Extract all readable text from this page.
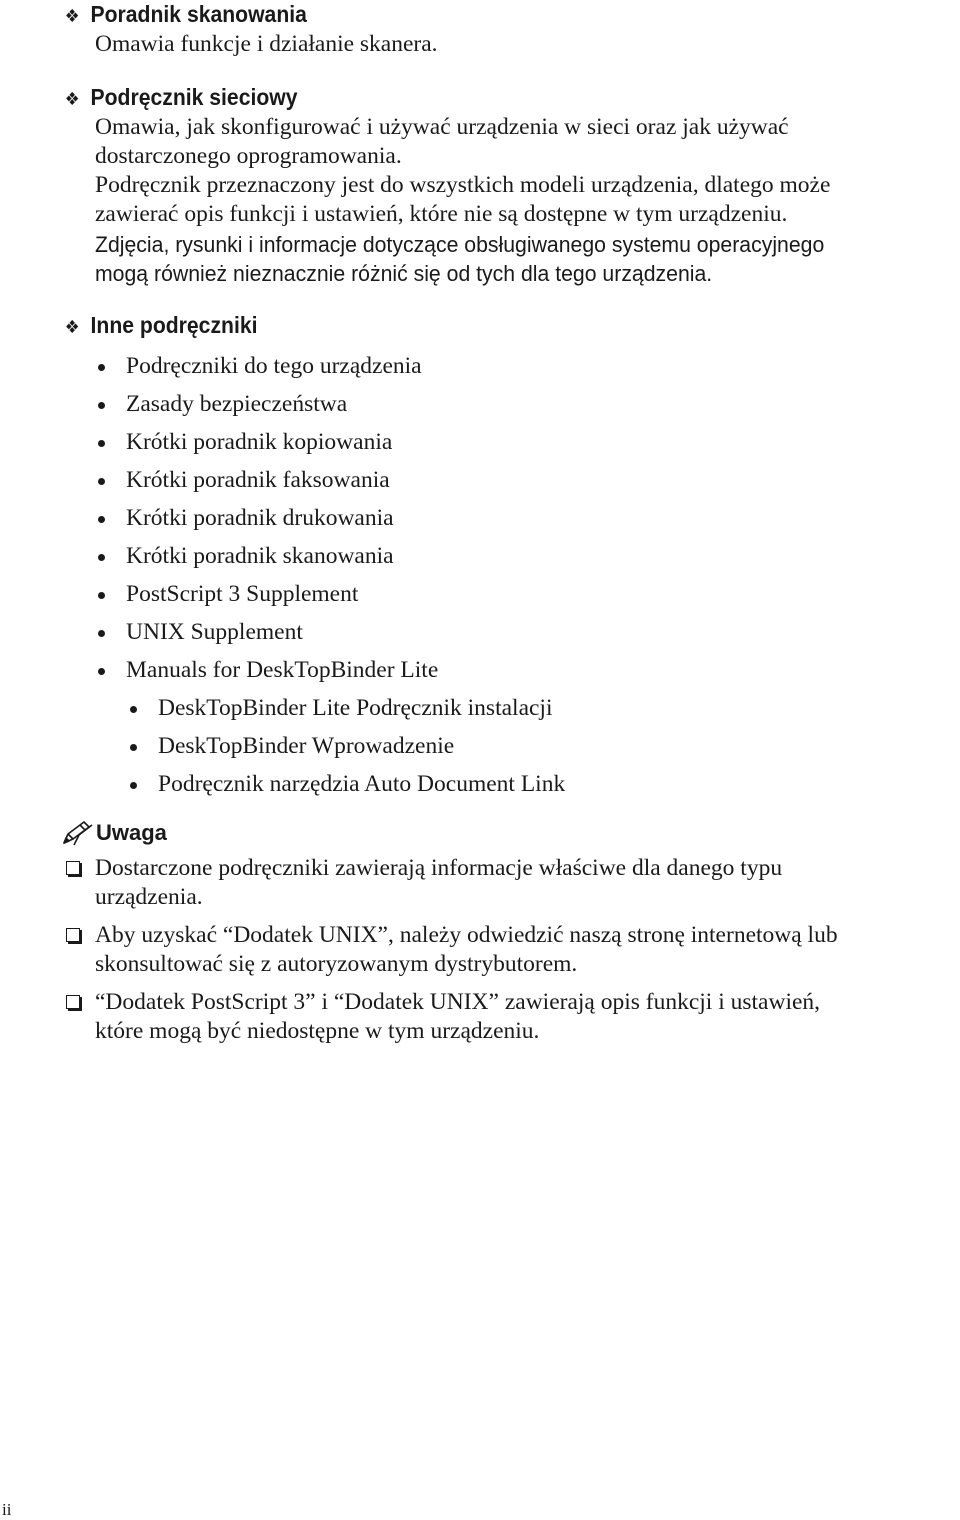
❖ Poradnik skanowania
Omawia funkcje i działanie skanera.
❖ Podręcznik sieciowy
Omawia, jak skonfigurować i używać urządzenia w sieci oraz jak używać
dostarczonego oprogramowania.
Podręcznik przeznaczony jest do wszystkich modeli urządzenia, dlatego może
zawierać opis funkcji i ustawień, które nie są dostępne w tym urządzeniu.
Zdjęcia, rysunki i informacje dotyczące obsługiwanego systemu operacyjnego
mogą również nieznacznie różnić się od tych dla tego urządzenia.
❖ Inne podręczniki
Podręczniki do tego urządzenia
Zasady bezpieczeństwa
Krótki poradnik kopiowania
Krótki poradnik faksowania
Krótki poradnik drukowania
Krótki poradnik skanowania
PostScript 3 Supplement
UNIX Supplement
Manuals for DeskTopBinder Lite
DeskTopBinder Lite Podręcznik instalacji
DeskTopBinder Wprowadzenie
Podręcznik narzędzia Auto Document Link
Uwaga
Dostarczone podręczniki zawierają informacje właściwe dla danego typu
urządzenia.
Aby uzyskać “Dodatek UNIX”, należy odwiedzić naszą stronę internetową lub
skonsultować się z autoryzowanym dystrybutorem.
“Dodatek PostScript 3” i “Dodatek UNIX” zawierają opis funkcji i ustawień,
które mogą być niedostępne w tym urządzeniu.
ii
